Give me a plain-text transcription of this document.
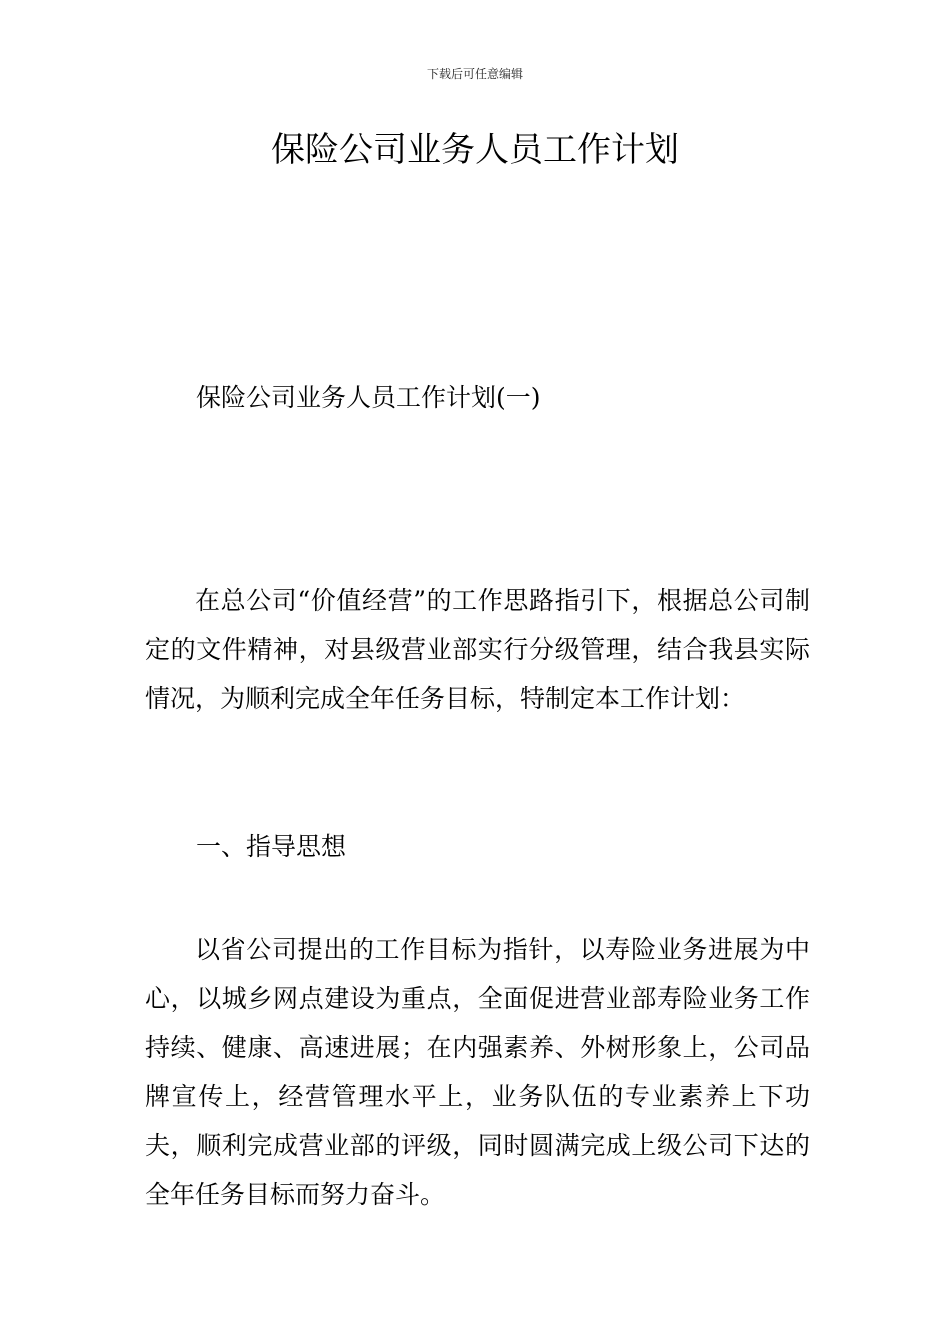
下载后可任意编辑
保险公司业务人员工作计划

保险公司业务人员工作计划(一)

在总公司“价值经营”的工作思路指引下，根据总公司制定的文件精神，对县级营业部实行分级管理，结合我县实际情况，为顺利完成全年任务目标，特制定本工作计划：

一、指导思想

以省公司提出的工作目标为指针，以寿险业务进展为中心，以城乡网点建设为重点，全面促进营业部寿险业务工作持续、健康、高速进展；在内强素养、外树形象上，公司品牌宣传上，经营管理水平上，业务队伍的专业素养上下功夫，顺利完成营业部的评级，同时圆满完成上级公司下达的全年任务目标而努力奋斗。
